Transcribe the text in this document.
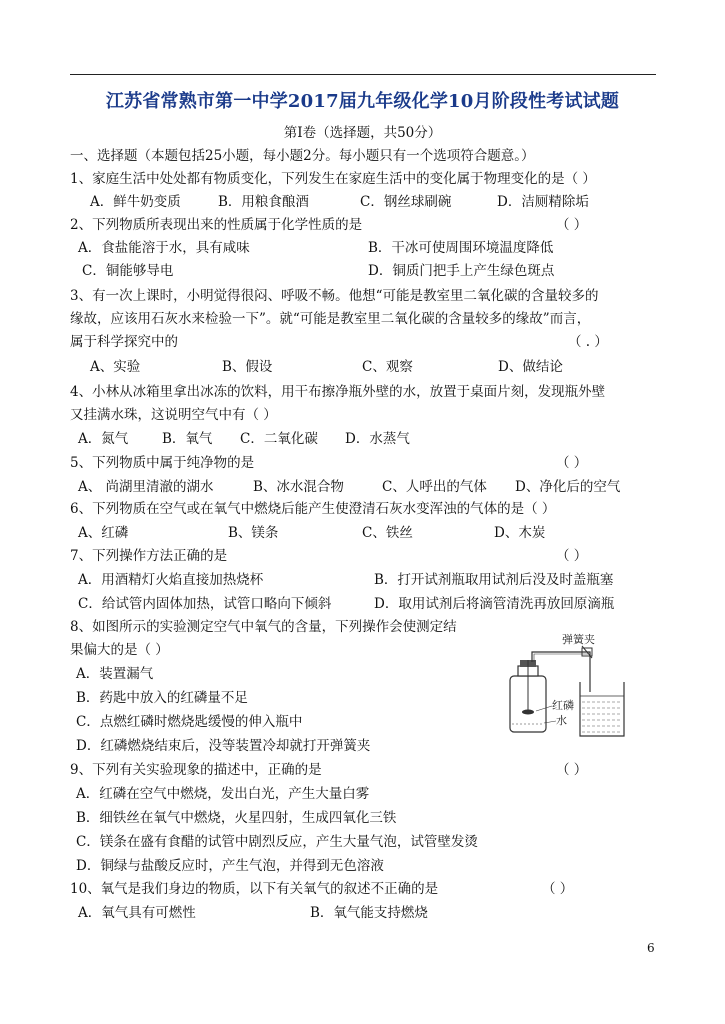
江苏省常熟市第一中学2017届九年级化学10月阶段性考试试题
第Ⅰ卷（选择题，共50分）
一、选择题（本题包括25小题，每小题2分。每小题只有一个选项符合题意。）
1、家庭生活中处处都有物质变化，下列发生在家庭生活中的变化属于物理变化的是（ ）
A．鲜牛奶变质	B．用粮食酿酒	C．钢丝球刷碗	D．洁厕精除垢
2、下列物质所表现出来的性质属于化学性质的是	（ ）
A．食盐能溶于水，具有咸味	B．干冰可使周围环境温度降低
C．铜能够导电	D．铜质门把手上产生绿色斑点
3、有一次上课时，小明觉得很闷、呼吸不畅。他想“可能是教室里二氧化碳的含量较多的
缘故，应该用石灰水来检验一下”。就“可能是教室里二氧化碳的含量较多的缘故”而言，
属于科学探究中的	（ . ）
A、实验	B、假设	C、观察	D、做结论
4、小林从冰箱里拿出冰冻的饮料，用干布擦净瓶外壁的水，放置于桌面片刻，发现瓶外壁
又挂满水珠，这说明空气中有（ ）
A．氮气	B．氧气 C．二氧化碳 D．水蒸气
5、下列物质中属于纯净物的是	（ ）
A、 尚湖里清澈的湖水	B、冰水混合物	C、人呼出的气体 D、净化后的空气
6、下列物质在空气或在氧气中燃烧后能产生使澄清石灰水变浑浊的气体的是（ ）
A、红磷	B、镁条	C、铁丝	D、木炭
7、下列操作方法正确的是	（ ）
A．用酒精灯火焰直接加热烧杯	B．打开试剂瓶取用试剂后没及时盖瓶塞
C．给试管内固体加热，试管口略向下倾斜	D．取用试剂后将滴管清洗再放回原滴瓶
8、如图所示的实验测定空气中氧气的含量，下列操作会使测定结
果偏大的是（ ）
A．装置漏气
B．药匙中放入的红磷量不足
C．点燃红磷时燃烧匙缓慢的伸入瓶中
D．红磷燃烧结束后，没等装置冷却就打开弹簧夹
弹簧夹
红磷
水
9、下列有关实验现象的描述中，正确的是	（ ）
A．红磷在空气中燃烧，发出白光，产生大量白雾
B．细铁丝在氧气中燃烧，火星四射，生成四氧化三铁
C．镁条在盛有食醋的试管中剧烈反应，产生大量气泡，试管壁发烫
D．铜绿与盐酸反应时，产生气泡，并得到无色溶液
10、氧气是我们身边的物质，以下有关氧气的叙述不正确的是	（ ）
A．氧气具有可燃性	B．氧气能支持燃烧
6
